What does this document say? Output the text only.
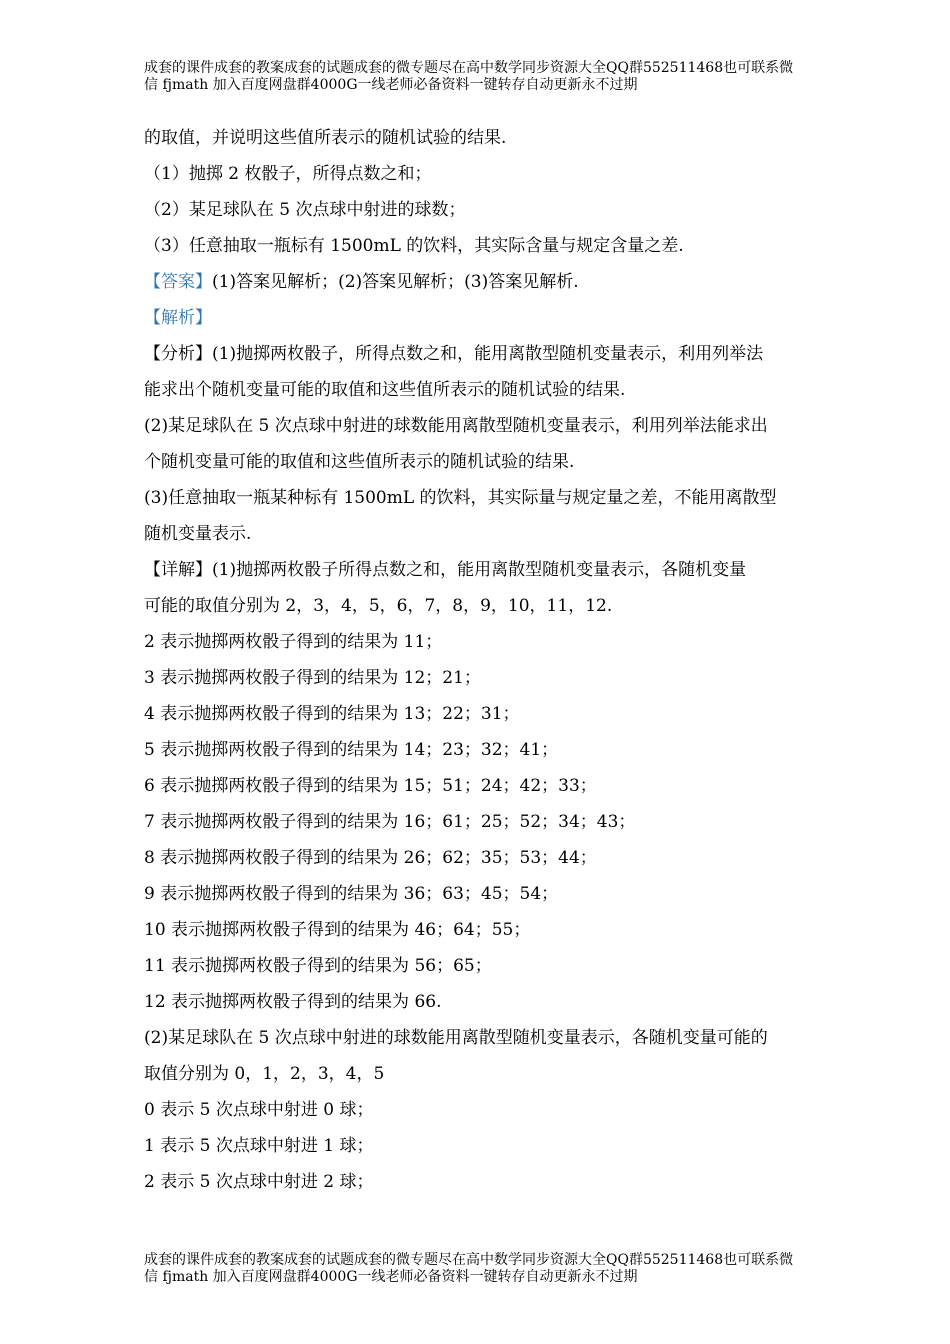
成套的课件成套的教案成套的试题成套的微专题尽在高中数学同步资源大全QQ群552511468也可联系微
信 fjmath 加入百度网盘群4000G一线老师必备资料一键转存自动更新永不过期
的取值，并说明这些值所表示的随机试验的结果.
（1）抛掷 2 枚骰子，所得点数之和；
（2）某足球队在 5 次点球中射进的球数；
（3）任意抽取一瓶标有 1500mL 的饮料，其实际含量与规定含量之差.
【答案】(1)答案见解析；(2)答案见解析；(3)答案见解析.
【解析】
【分析】(1)抛掷两枚骰子，所得点数之和，能用离散型随机变量表示，利用列举法
能求出个随机变量可能的取值和这些值所表示的随机试验的结果.
(2)某足球队在 5 次点球中射进的球数能用离散型随机变量表示，利用列举法能求出
个随机变量可能的取值和这些值所表示的随机试验的结果.
(3)任意抽取一瓶某种标有 1500mL 的饮料，其实际量与规定量之差，不能用离散型
随机变量表示.
【详解】(1)抛掷两枚骰子所得点数之和，能用离散型随机变量表示，各随机变量
可能的取值分别为 2，3，4，5，6，7，8，9，10，11，12.
2 表示抛掷两枚骰子得到的结果为 11；
3 表示抛掷两枚骰子得到的结果为 12；21；
4 表示抛掷两枚骰子得到的结果为 13；22；31；
5 表示抛掷两枚骰子得到的结果为 14；23；32；41；
6 表示抛掷两枚骰子得到的结果为 15；51；24；42；33；
7 表示抛掷两枚骰子得到的结果为 16；61；25；52；34；43；
8 表示抛掷两枚骰子得到的结果为 26；62；35；53；44；
9 表示抛掷两枚骰子得到的结果为 36；63；45；54；
10 表示抛掷两枚骰子得到的结果为 46；64；55；
11 表示抛掷两枚骰子得到的结果为 56；65；
12 表示抛掷两枚骰子得到的结果为 66.
(2)某足球队在 5 次点球中射进的球数能用离散型随机变量表示，各随机变量可能的
取值分别为 0，1，2，3，4，5
0 表示 5 次点球中射进 0 球；
1 表示 5 次点球中射进 1 球；
2 表示 5 次点球中射进 2 球；
成套的课件成套的教案成套的试题成套的微专题尽在高中数学同步资源大全QQ群552511468也可联系微
信 fjmath 加入百度网盘群4000G一线老师必备资料一键转存自动更新永不过期
